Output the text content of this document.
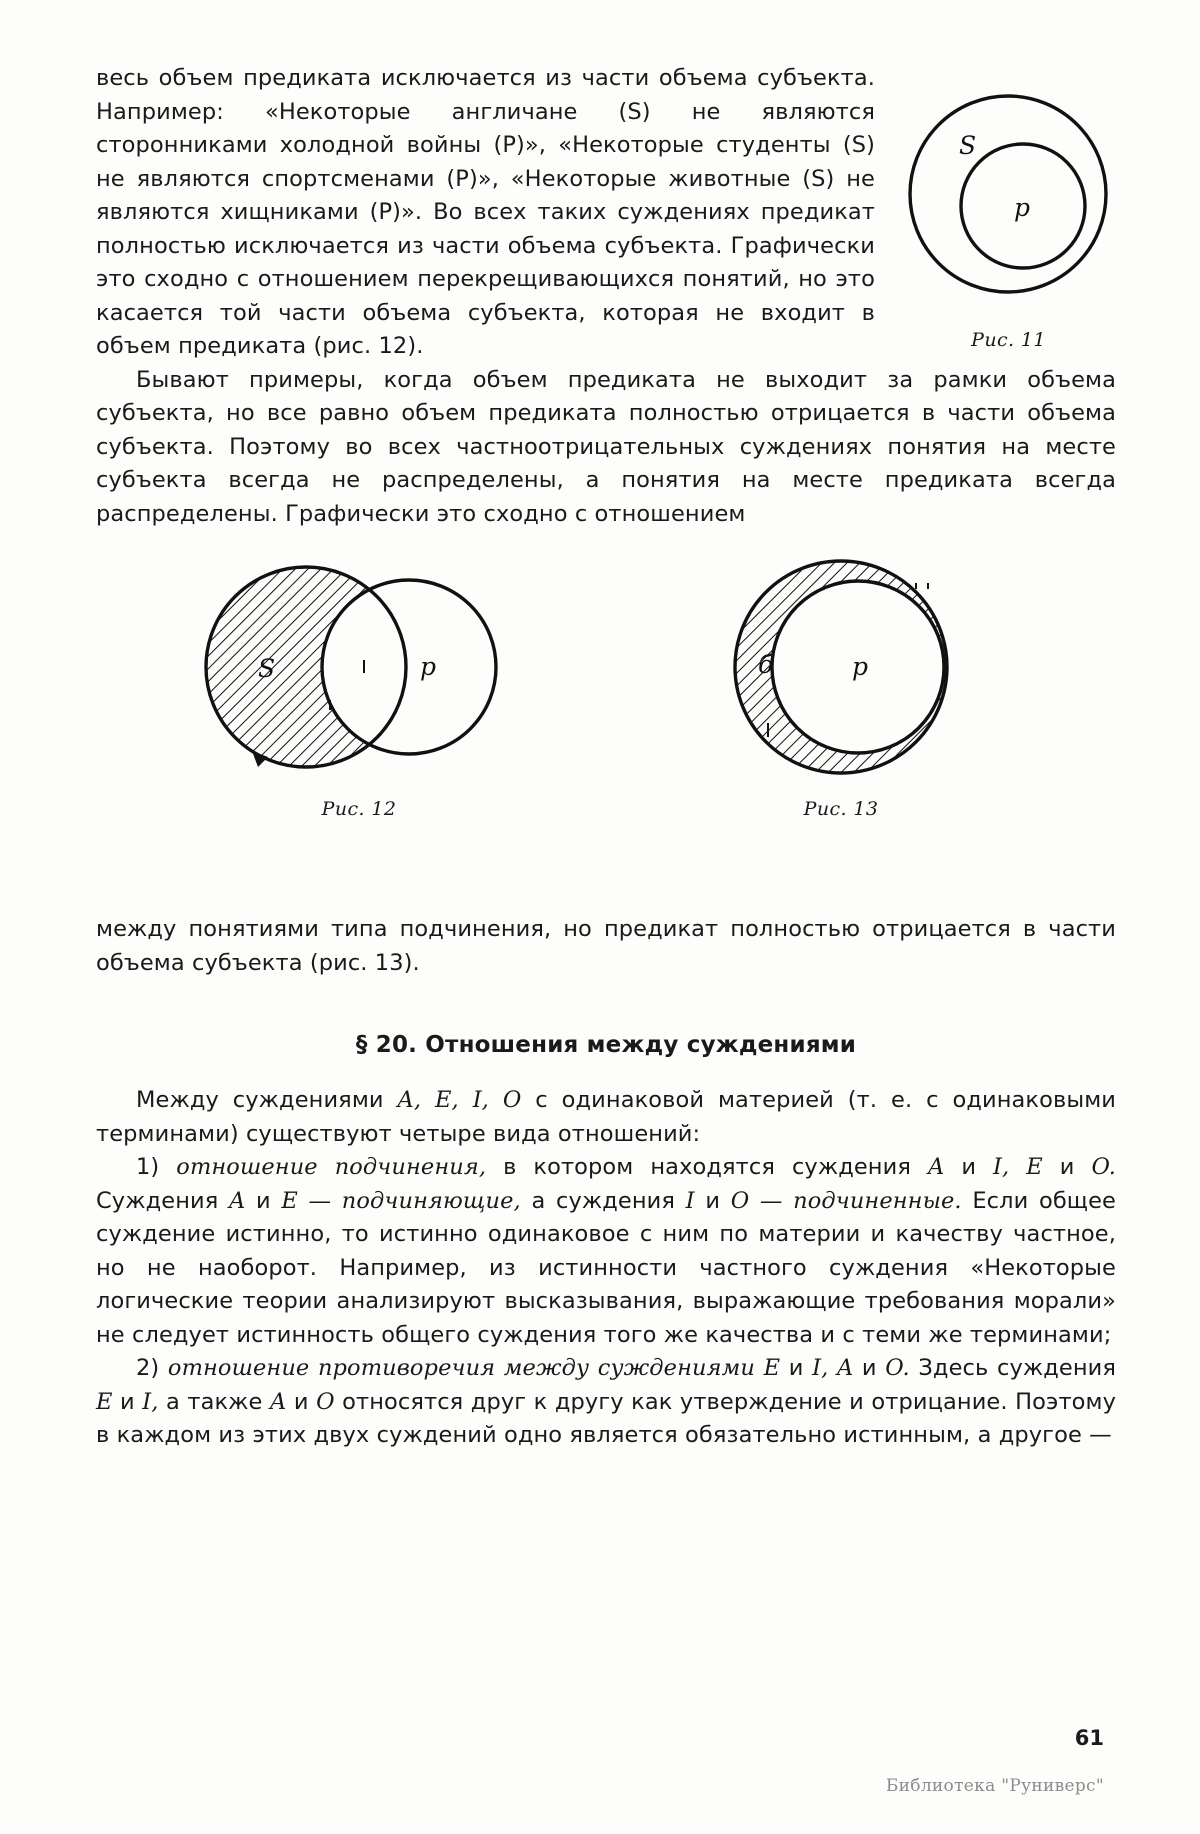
S
p
Рис. 11

весь объем предиката исключается из части объема субъекта. Например: «Некоторые англичане (S) не являются сторонниками холодной войны (P)», «Некоторые студенты (S) не являются спортсменами (P)», «Некоторые животные (S) не являются хищниками (P)». Во всех таких суждениях предикат полностью исключается из части объема субъекта. Графически это сходно с отношением перекрещивающихся понятий, но это касается той части объема субъекта, которая не входит в объем предиката (рис. 12).

Бывают примеры, когда объем предиката не выходит за рамки объема субъекта, но все равно объем предиката полностью отрицается в части объема субъекта. Поэтому во всех частноотрицательных суждениях понятия на месте субъекта всегда не распределены, а понятия на месте предиката всегда распределены. Графически это сходно с отношением

S	p
Рис. 12
б	p
Рис. 13

между понятиями типа подчинения, но предикат полностью отрицается в части объема субъекта (рис. 13).

§ 20. Отношения между суждениями

Между суждениями A, E, I, O с одинаковой материей (т. е. с одинаковыми терминами) существуют четыре вида отношений:

1) отношение подчинения, в котором находятся суждения A и I, E и O. Суждения A и E — подчиняющие, а суждения I и O — подчиненные. Если общее суждение истинно, то истинно одинаковое с ним по материи и качеству частное, но не наоборот. Например, из истинности частного суждения «Некоторые логические теории анализируют высказывания, выражающие требования морали» не следует истинность общего суждения того же качества и с теми же терминами;

2) отношение противоречия между суждениями E и I, A и O. Здесь суждения E и I, а также A и O относятся друг к другу как утверждение и отрицание. Поэтому в каждом из этих двух суждений одно является обязательно истинным, а другое —

61
Библиотека "Руниверс"
